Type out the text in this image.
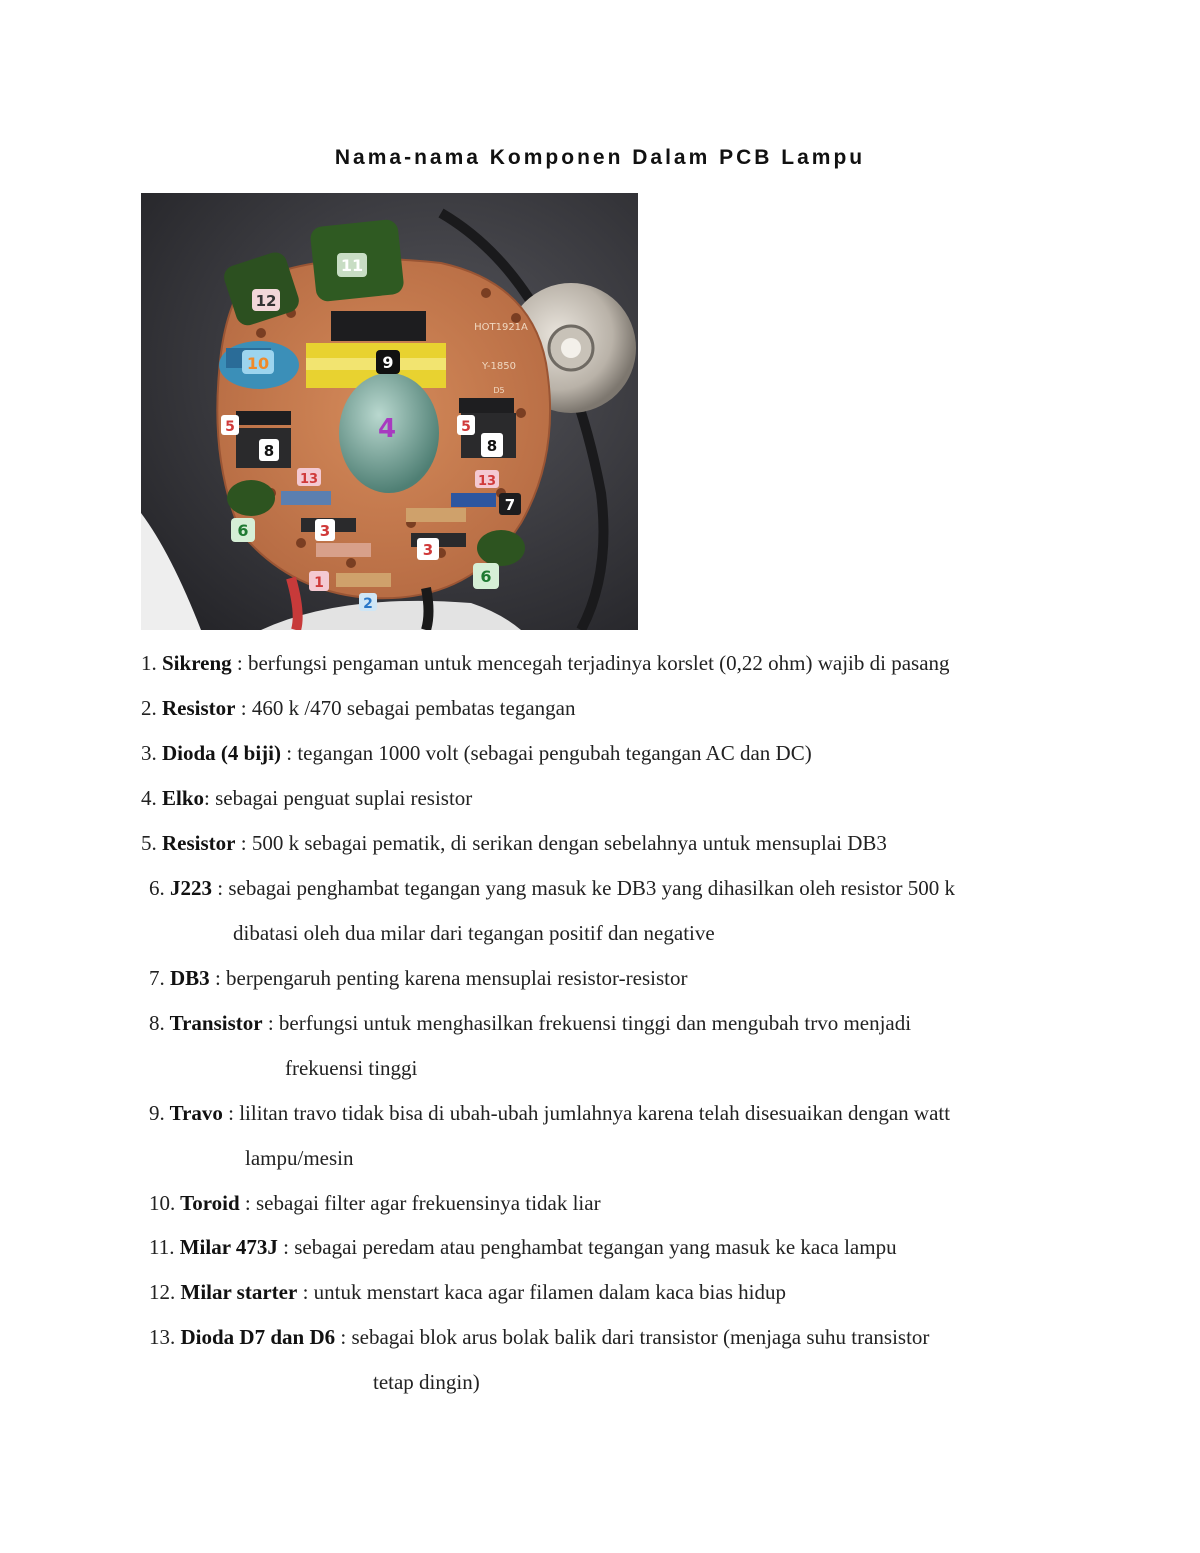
Nama-nama Komponen Dalam PCB Lampu
12
11
10	9
4
5
8
13
6	3
1
2
7
5
8
13
3
6
HOT1921A
Y-1850
D5
1. Sikreng : berfungsi pengaman untuk mencegah terjadinya korslet (0,22 ohm) wajib di pasang
2. Resistor : 460 k /470 sebagai pembatas tegangan
3. Dioda (4 biji) : tegangan 1000 volt (sebagai pengubah tegangan AC dan DC)
4. Elko: sebagai penguat suplai resistor
5. Resistor : 500 k sebagai pematik, di serikan dengan sebelahnya untuk mensuplai DB3
6. J223 : sebagai penghambat tegangan yang masuk ke DB3 yang dihasilkan oleh resistor 500 k
dibatasi oleh dua milar dari tegangan positif dan negative
7. DB3 : berpengaruh penting karena mensuplai resistor-resistor
8. Transistor : berfungsi untuk menghasilkan frekuensi tinggi dan mengubah trvo menjadi
frekuensi tinggi
9. Travo : lilitan travo tidak bisa di ubah-ubah jumlahnya karena telah disesuaikan dengan watt
lampu/mesin
10. Toroid : sebagai filter agar frekuensinya tidak liar
11. Milar 473J : sebagai peredam atau penghambat tegangan yang masuk ke kaca lampu
12. Milar starter : untuk menstart kaca agar filamen dalam kaca bias hidup
13. Dioda D7 dan D6 : sebagai blok arus bolak balik dari transistor (menjaga suhu transistor
tetap dingin)
